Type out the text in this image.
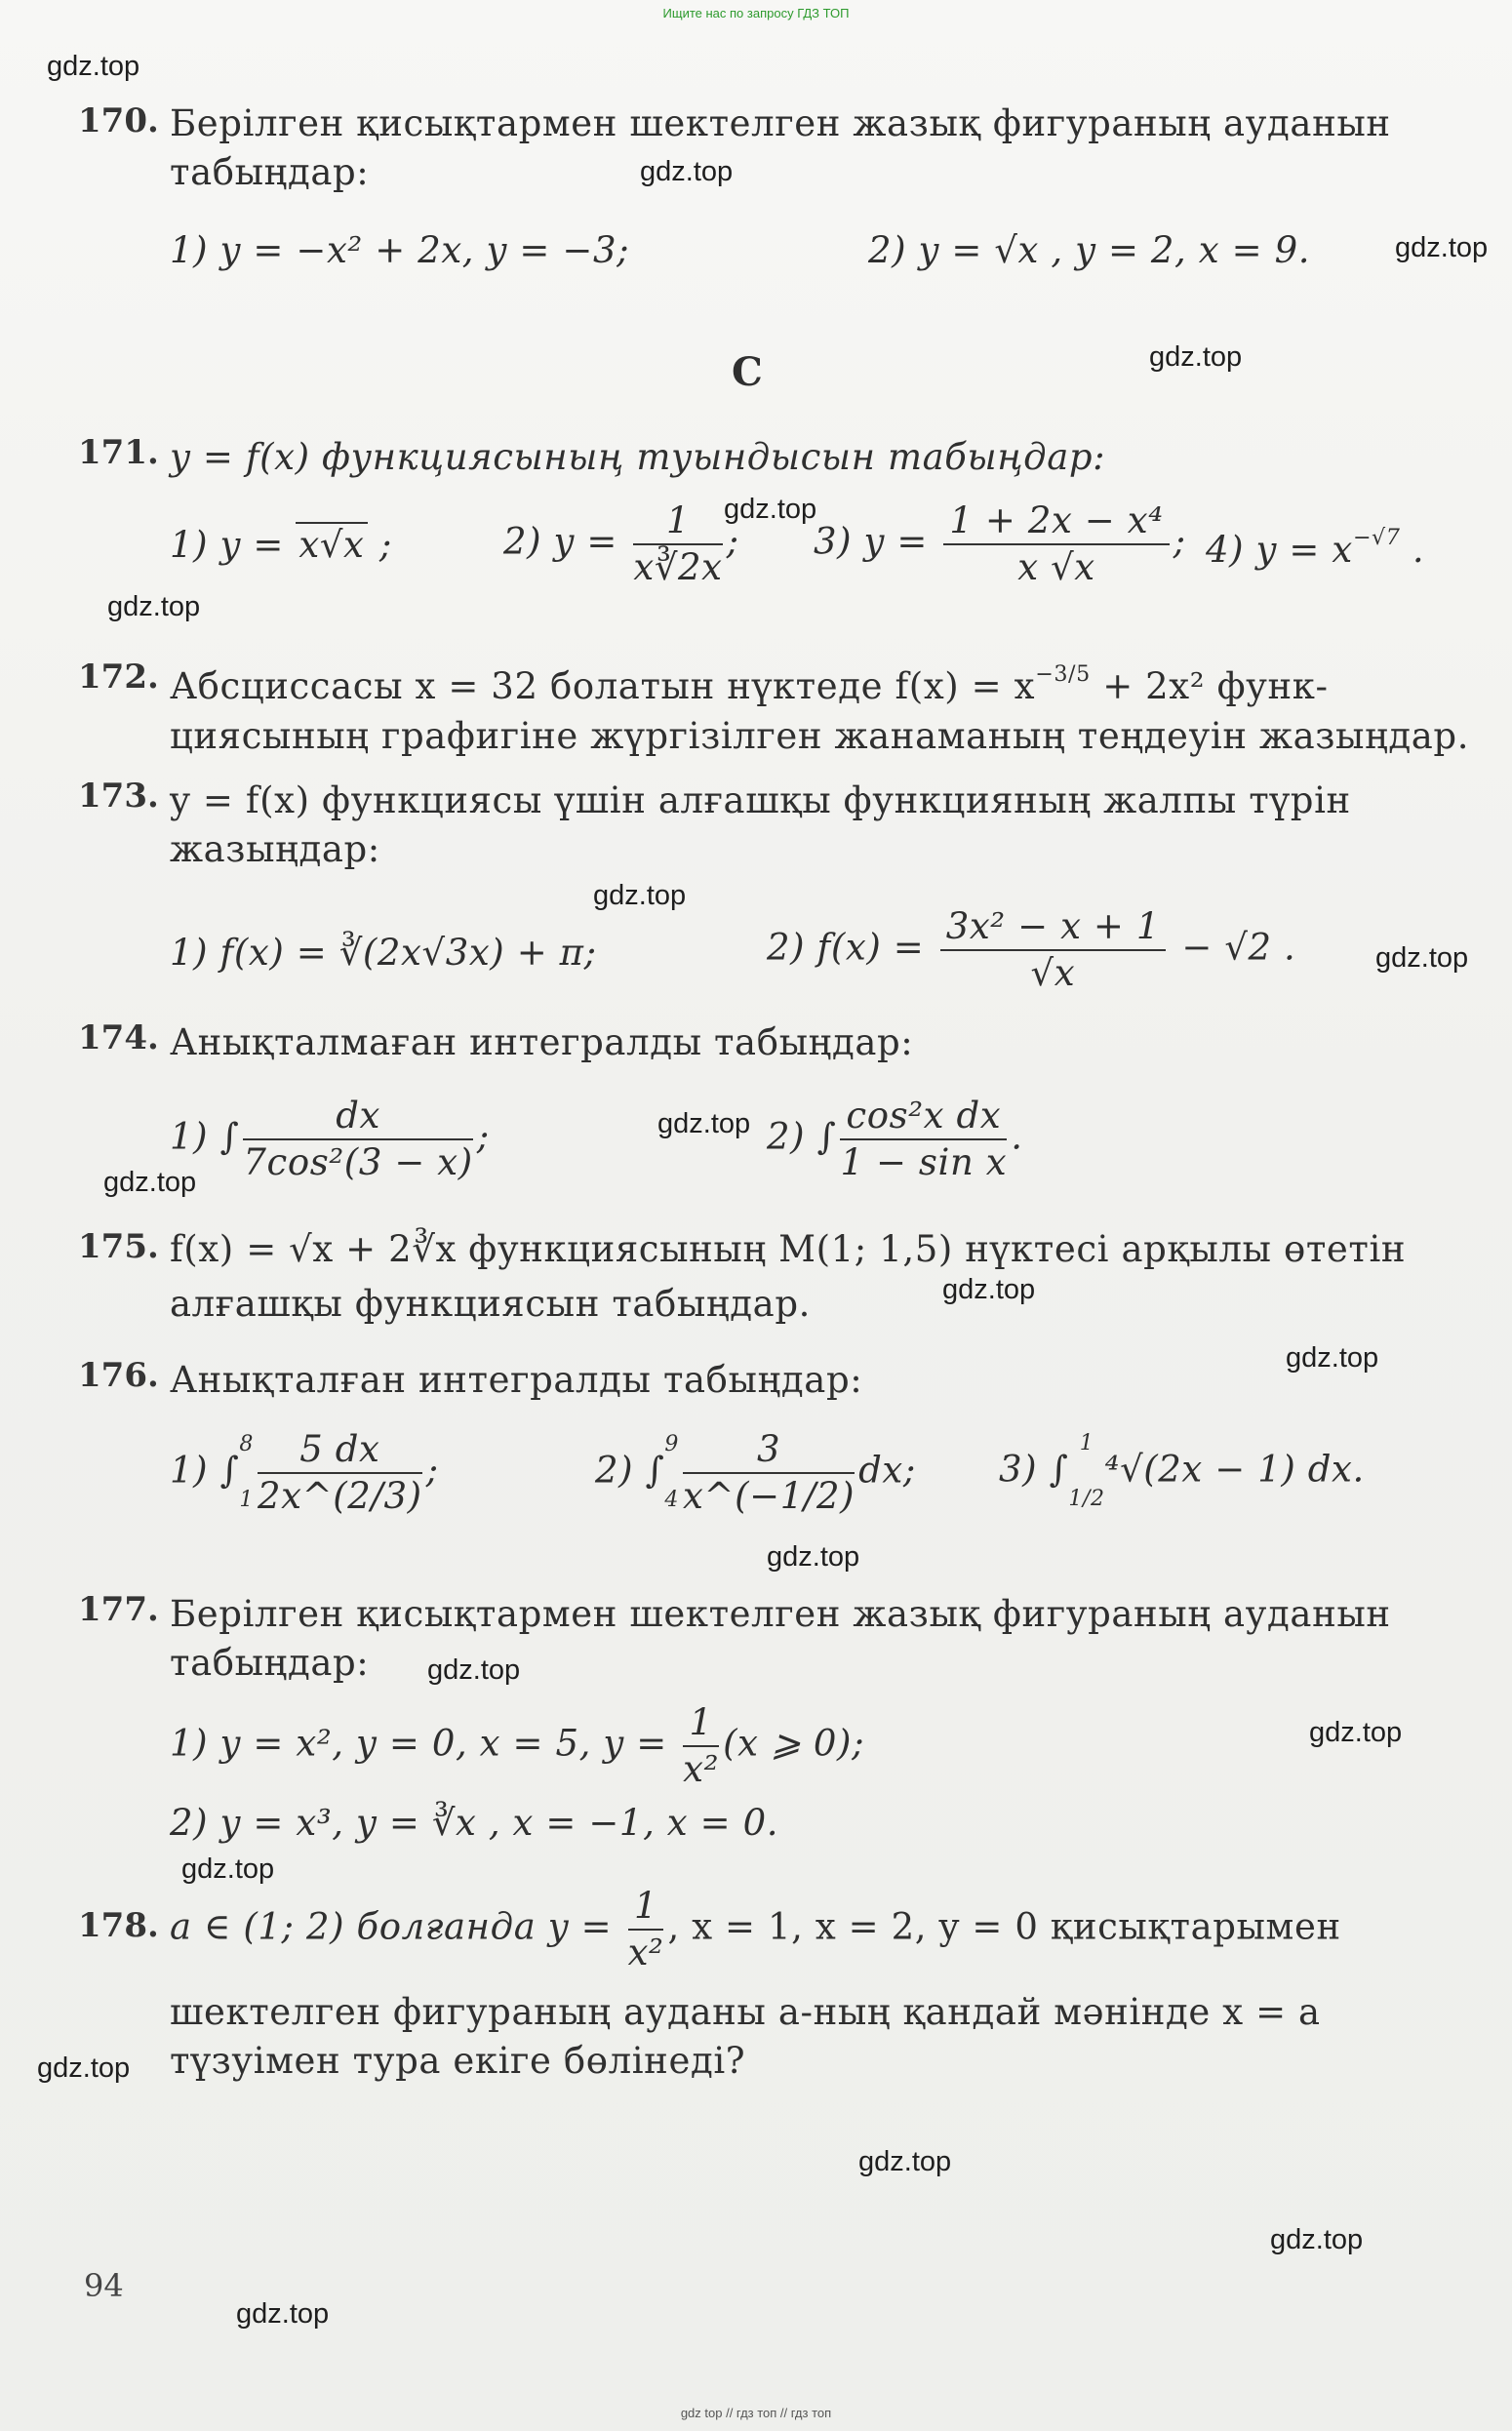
Ищите нас по запросу ГДЗ ТОП
gdz.top
gdz.top
gdz.top
gdz.top
gdz.top
gdz.top
gdz.top
gdz.top
gdz.top
gdz.top
gdz.top
gdz.top
gdz.top
gdz.top
gdz.top
gdz.top
gdz.top
gdz.top
gdz.top
gdz.top
170. Берілген қисықтармен шектелген жазық фигураның ауданын
табыңдар:
1) y = −x² + 2x, y = −3;	2) y = √x , y = 2, x = 9.
C
171. y = f(x) функциясының туындысын табыңдар:
1) y = x√x ;	2) $y = \frac{1}{x∛2x}$ ; 3) $y = \frac{\text{1 + 2x − x⁴}}{x √x}$ ; 4) $y = x^{-√7}$ .
172. Абсциссасы x = 32 болатын нүктеде $f(x) = x^{-3/5} + 2x^2$ функ-
циясының графигіне жүргізілген жанаманың теңдеуін жазыңдар.
173. y = f(x) функциясы үшін алғашқы функцияның жалпы түрін
жазыңдар:
1) f(x) = ∛(2x√3x) + π;	2) $f(x) = \frac{\text{3x² − x + 1}}{√x} - √2$ .
174. Анықталмаған интегралды табыңдар:
1) ∫ $\frac{dx}{\text{7cos²(3 − x)}}$ ;	2) ∫ $\frac{\text{cos²x dx}}{\text{1 − sin x}}$ .
175. f(x) = √x + 2∛x функциясының M(1; 1,5) нүктесі арқылы өтетін
алғашқы функциясын табыңдар.
176. Анықталған интегралды табыңдар:
1) ∫8

$1 \frac{5 dx}{2x\^{}(2/3)}$ ;	2) ∫9

$4 \frac{3}{x\^{}(-1/2)}$ dx; 3) ∫1

1/2⁴√(2x − 1) dx.
177. Берілген қисықтармен шектелген жазық фигураның ауданын
табыңдар:
1) y = x², y = 0, x = 5, $y = \frac{1}{\text{x²}} (x$ ⩾ 0);
2) y = x³, y = ∛x , x = −1, x = 0.
178. a ∈ (1; 2) болғанда $y = \frac{1}{\text{x²}}$ , x = 1, x = 2, y = 0 қисықтарымен
шектелген фигураның ауданы a-ның қандай мәнінде x = a
түзуімен тура екіге бөлінеді?
94
gdz top // гдз топ // гдз топ
